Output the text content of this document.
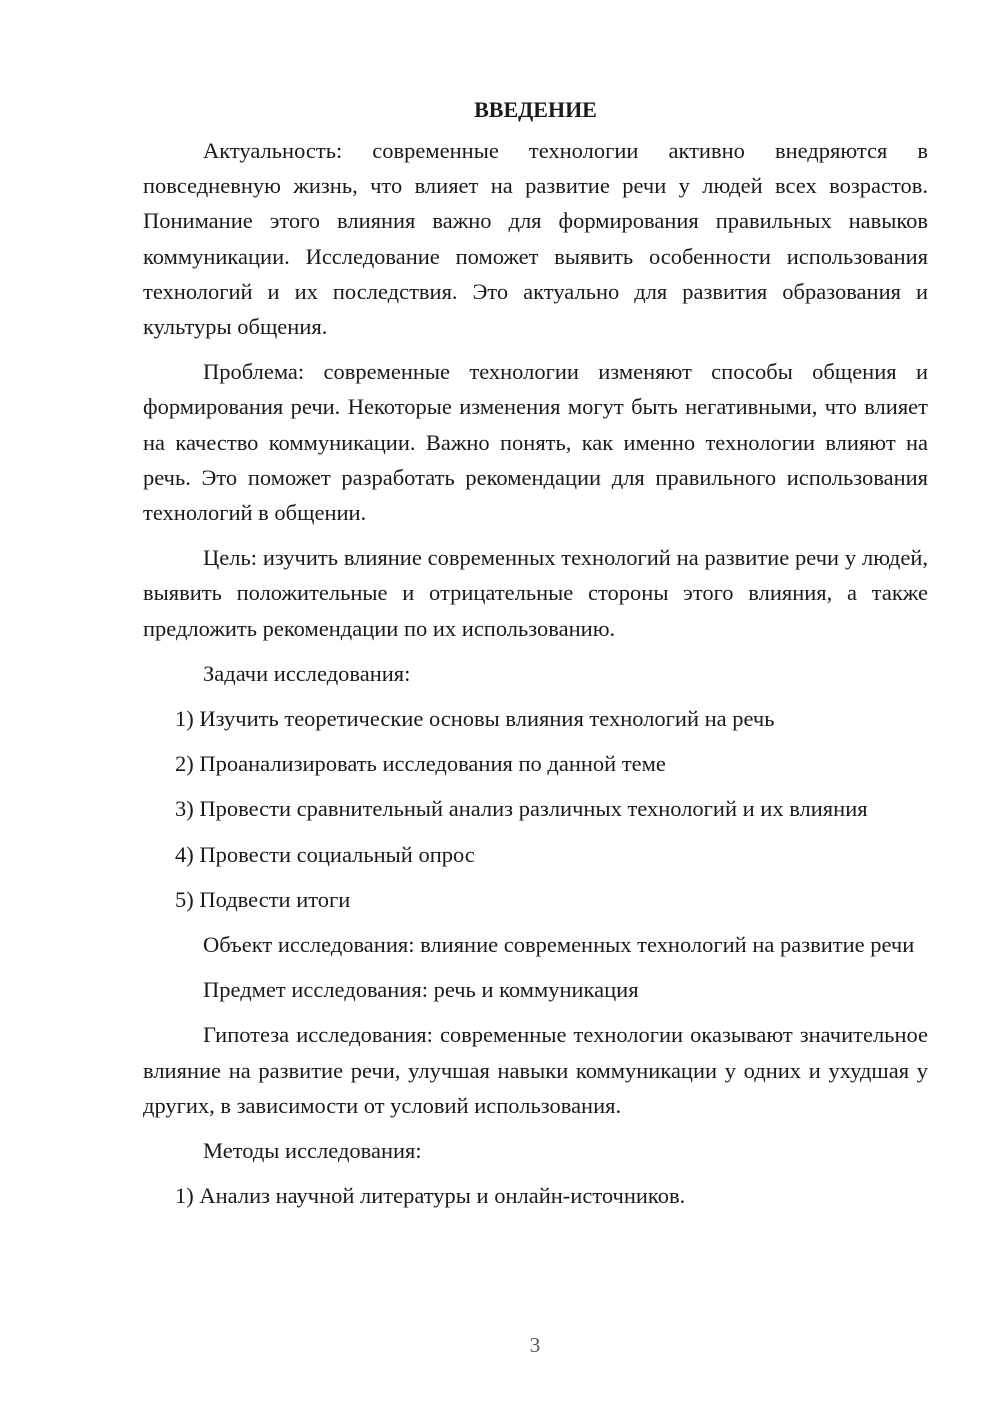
ВВЕДЕНИЕ

Актуальность: современные технологии активно внедряются в повседневную жизнь, что влияет на развитие речи у людей всех возрастов. Понимание этого влияния важно для формирования правильных навыков коммуникации. Исследование поможет выявить особенности использования технологий и их последствия. Это актуально для развития образования и культуры общения.

Проблема: современные технологии изменяют способы общения и формирования речи. Некоторые изменения могут быть негативными, что влияет на качество коммуникации. Важно понять, как именно технологии влияют на речь. Это поможет разработать рекомендации для правильного использования технологий в общении.

Цель: изучить влияние современных технологий на развитие речи у людей, выявить положительные и отрицательные стороны этого влияния, а также предложить рекомендации по их использованию.

Задачи исследования:

1) Изучить теоретические основы влияния технологий на речь

2) Проанализировать исследования по данной теме

3) Провести сравнительный анализ различных технологий и их влияния

4) Провести социальный опрос

5) Подвести итоги

Объект исследования: влияние современных технологий на развитие речи

Предмет исследования: речь и коммуникация

Гипотеза исследования: современные технологии оказывают значительное влияние на развитие речи, улучшая навыки коммуникации у одних и ухудшая у других, в зависимости от условий использования.

Методы исследования:

1) Анализ научной литературы и онлайн-источников.

3
